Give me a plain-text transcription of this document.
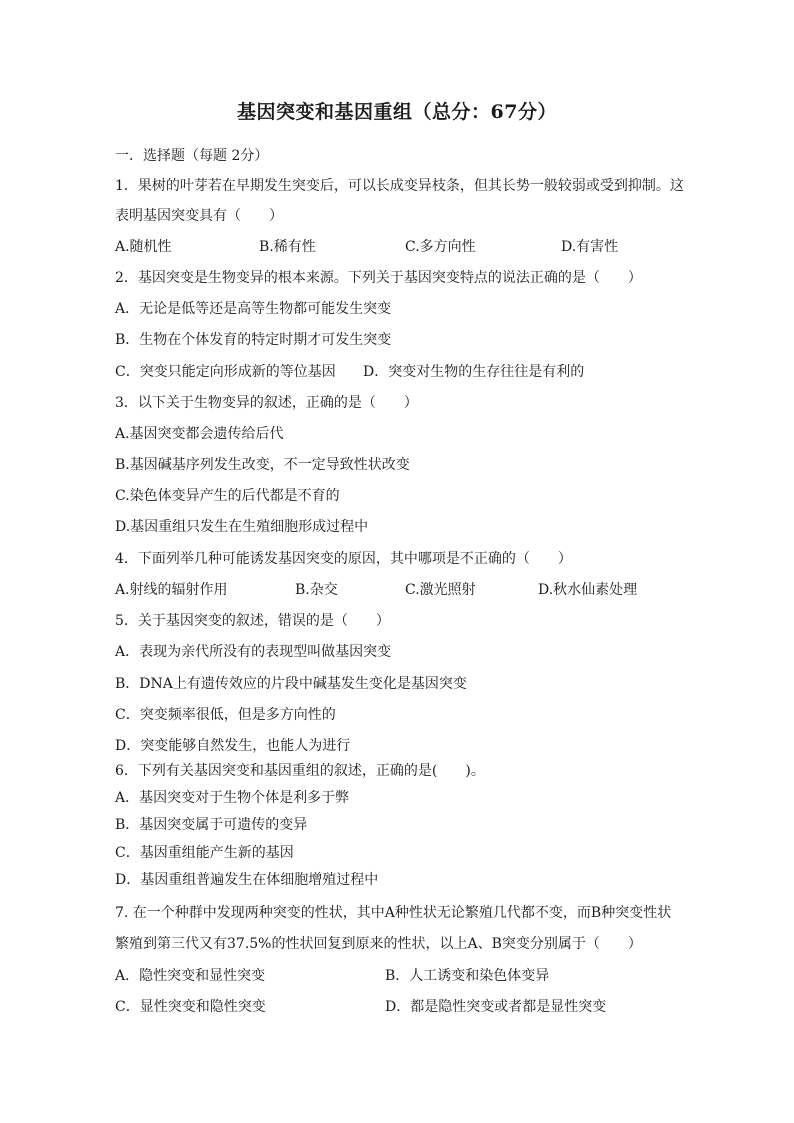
基因突变和基因重组（总分：67分）
一．选择题（每题 2分）
1．果树的叶芽若在早期发生突变后，可以长成变异枝条，但其长势一般较弱或受到抑制。这
表明基因突变具有（　　）
A.随机性	B.稀有性	C.多方向性	D.有害性
2．基因突变是生物变异的根本来源。下列关于基因突变特点的说法正确的是（　　）
A．无论是低等还是高等生物都可能发生突变
B．生物在个体发育的特定时期才可发生突变
C．突变只能定向形成新的等位基因 D．突变对生物的生存往往是有利的
3．以下关于生物变异的叙述，正确的是（　　）
A.基因突变都会遗传给后代
B.基因碱基序列发生改变，不一定导致性状改变
C.染色体变异产生的后代都是不育的
D.基因重组只发生在生殖细胞形成过程中
4．下面列举几种可能诱发基因突变的原因，其中哪项是不正确的（　　）
A.射线的辐射作用	B.杂交	C.激光照射	D.秋水仙素处理
5．关于基因突变的叙述，错误的是（　　）
A．表现为亲代所没有的表现型叫做基因突变
B．DNA上有遗传效应的片段中碱基发生变化是基因突变
C．突变频率很低，但是多方向性的
D．突变能够自然发生，也能人为进行
6．下列有关基因突变和基因重组的叙述，正确的是(　　)。
A．基因突变对于生物个体是利多于弊
B．基因突变属于可遗传的变异
C．基因重组能产生新的基因
D．基因重组普遍发生在体细胞增殖过程中
7. 在一个种群中发现两种突变的性状，其中A种性状无论繁殖几代都不变，而B种突变性状
繁殖到第三代又有37.5%的性状回复到原来的性状，以上A、B突变分别属于（　　）
A．隐性突变和显性突变	B．人工诱变和染色体变异
C．显性突变和隐性突变	D．都是隐性突变或者都是显性突变
